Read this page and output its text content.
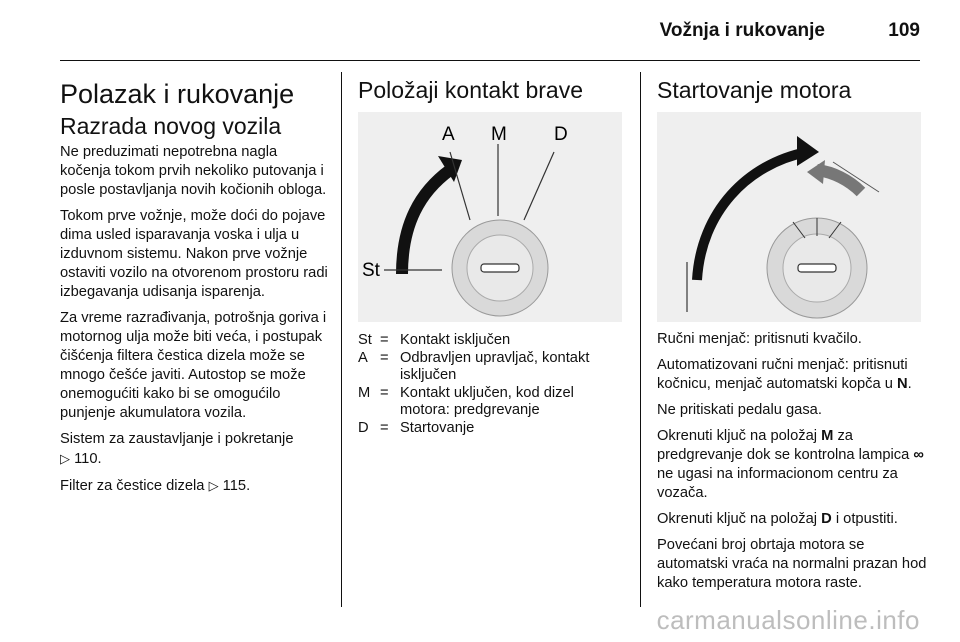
Vožnja i rukovanje	109
Polazak i rukovanje
Razrada novog vozila

Ne preduzimati nepotrebna nagla kočenja tokom prvih nekoliko putovanja i posle postavljanja novih kočionih obloga.

Tokom prve vožnje, može doći do pojave dima usled isparavanja voska i ulja u izduvnom sistemu. Nakon prve vožnje ostaviti vozilo na otvorenom prostoru radi izbegavanja udisanja isparenja.

Za vreme razrađivanja, potrošnja goriva i motornog ulja može biti veća, i postupak čišćenja filtera čestica dizela može se mnogo češće javiti. Autostop se može onemogućiti kako bi se omogućilo punjenje akumulatora vozila.

Sistem za zaustavljanje i pokretanje
▷ 110.

Filter za čestice dizela ▷ 115.

Položaji kontakt brave
A M D
St
St	=	Kontakt isključen
A	=	Odbravljen upravljač, kontakt isključen
M	=	Kontakt uključen, kod dizel motora: predgrevanje
D	=	Startovanje
Startovanje motora

Ručni menjač: pritisnuti kvačilo.

Automatizovani ručni menjač: pritisnuti kočnicu, menjač automatski kopča u N.

Ne pritiskati pedalu gasa.

Okrenuti ključ na položaj M za predgrevanje dok se kontrolna lampica ∞ ne ugasi na informacionom centru za vozača.

Okrenuti ključ na položaj D i otpustiti.

Povećani broj obrtaja motora se automatski vraća na normalni prazan hod kako temperatura motora raste.

carmanualsonline.info
